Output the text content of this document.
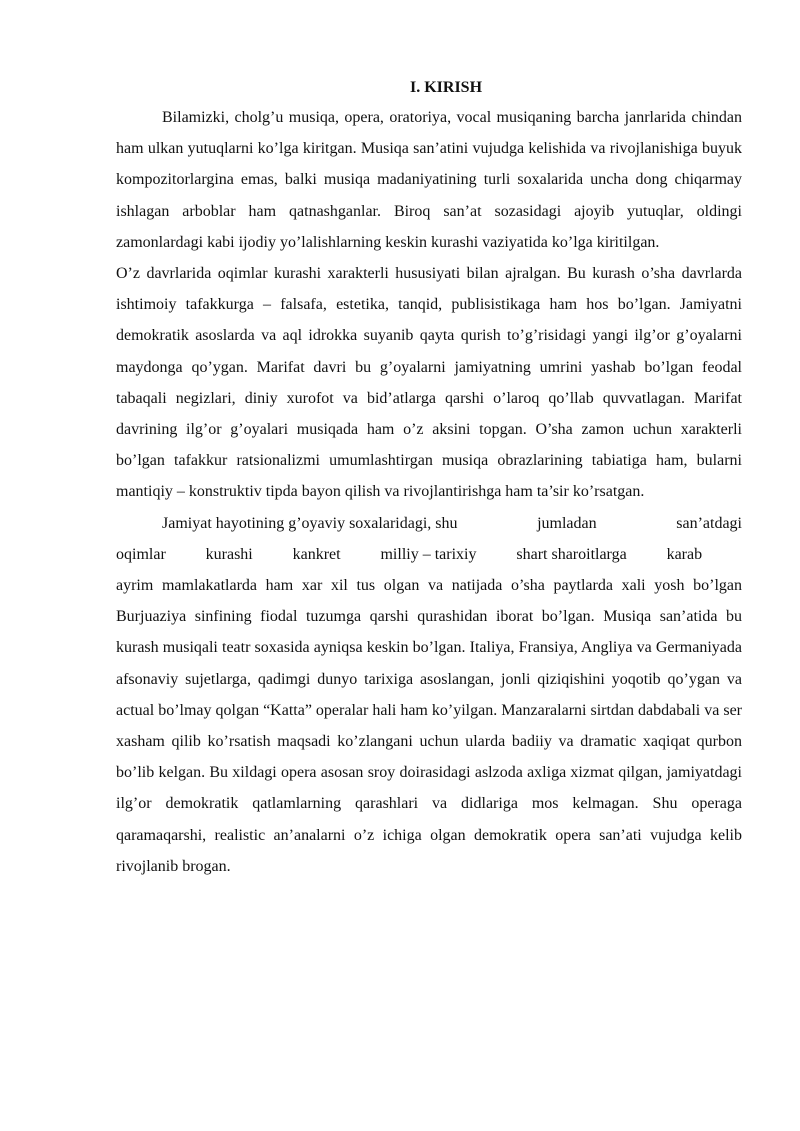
I. KIRISH

Bilamizki, cholg’u musiqa, opera, oratoriya, vocal musiqaning barcha janrlarida chindan ham ulkan yutuqlarni ko’lga kiritgan. Musiqa san’atini vujudga kelishida va rivojlanishiga buyuk kompozitorlargina emas, balki musiqa madaniyatining turli soxalarida uncha dong chiqarmay ishlagan arboblar ham qatnashganlar. Biroq san’at sozasidagi ajoyib yutuqlar, oldingi zamonlardagi kabi ijodiy yo’lalishlarning keskin kurashi vaziyatida ko’lga kiritilgan.

O’z davrlarida oqimlar kurashi xarakterli hususiyati bilan ajralgan. Bu kurash o’sha davrlarda ishtimoiy tafakkurga – falsafa, estetika, tanqid, publisistikaga ham hos bo’lgan. Jamiyatni demokratik asoslarda va aql idrokka suyanib qayta qurish to’g’risidagi yangi ilg’or g’oyalarni maydonga qo’ygan. Marifat davri bu g’oyalarni jamiyatning umrini yashab bo’lgan feodal tabaqali negizlari, diniy xurofot va bid’atlarga qarshi o’laroq qo’llab quvvatlagan. Marifat davrining ilg’or g’oyalari musiqada ham o’z aksini topgan. O’sha zamon uchun xarakterli bo’lgan tafakkur ratsionalizmi umumlashtirgan musiqa obrazlarining tabiatiga ham, bularni mantiqiy – konstruktiv tipda bayon qilish va rivojlantirishga ham ta’sir ko’rsatgan.

Jamiyat hayotining g’oyaviy soxalaridagi, shu	jumladan	san’atdagi
oqimlar kurashi kankret milliy – tarixiy shart sharoitlarga karab

ayrim mamlakatlarda ham xar xil tus olgan va natijada o’sha paytlarda xali yosh bo’lgan Burjuaziya sinfining fiodal tuzumga qarshi qurashidan iborat bo’lgan. Musiqa san’atida bu kurash musiqali teatr soxasida ayniqsa keskin bo’lgan. Italiya, Fransiya, Angliya va Germaniyada afsonaviy sujetlarga, qadimgi dunyo tarixiga asoslangan, jonli qiziqishini yoqotib qo’ygan va actual bo’lmay qolgan “Katta” operalar hali ham ko’yilgan. Manzaralarni sirtdan dabdabali va ser xasham qilib ko’rsatish maqsadi ko’zlangani uchun ularda badiiy va dramatic xaqiqat qurbon bo’lib kelgan. Bu xildagi opera asosan sroy doirasidagi aslzoda axliga xizmat qilgan, jamiyatdagi ilg’or demokratik qatlamlarning qarashlari va didlariga mos kelmagan. Shu operaga qaramaqarshi, realistic an’analarni o’z ichiga olgan demokratik opera san’ati vujudga kelib rivojlanib brogan.
